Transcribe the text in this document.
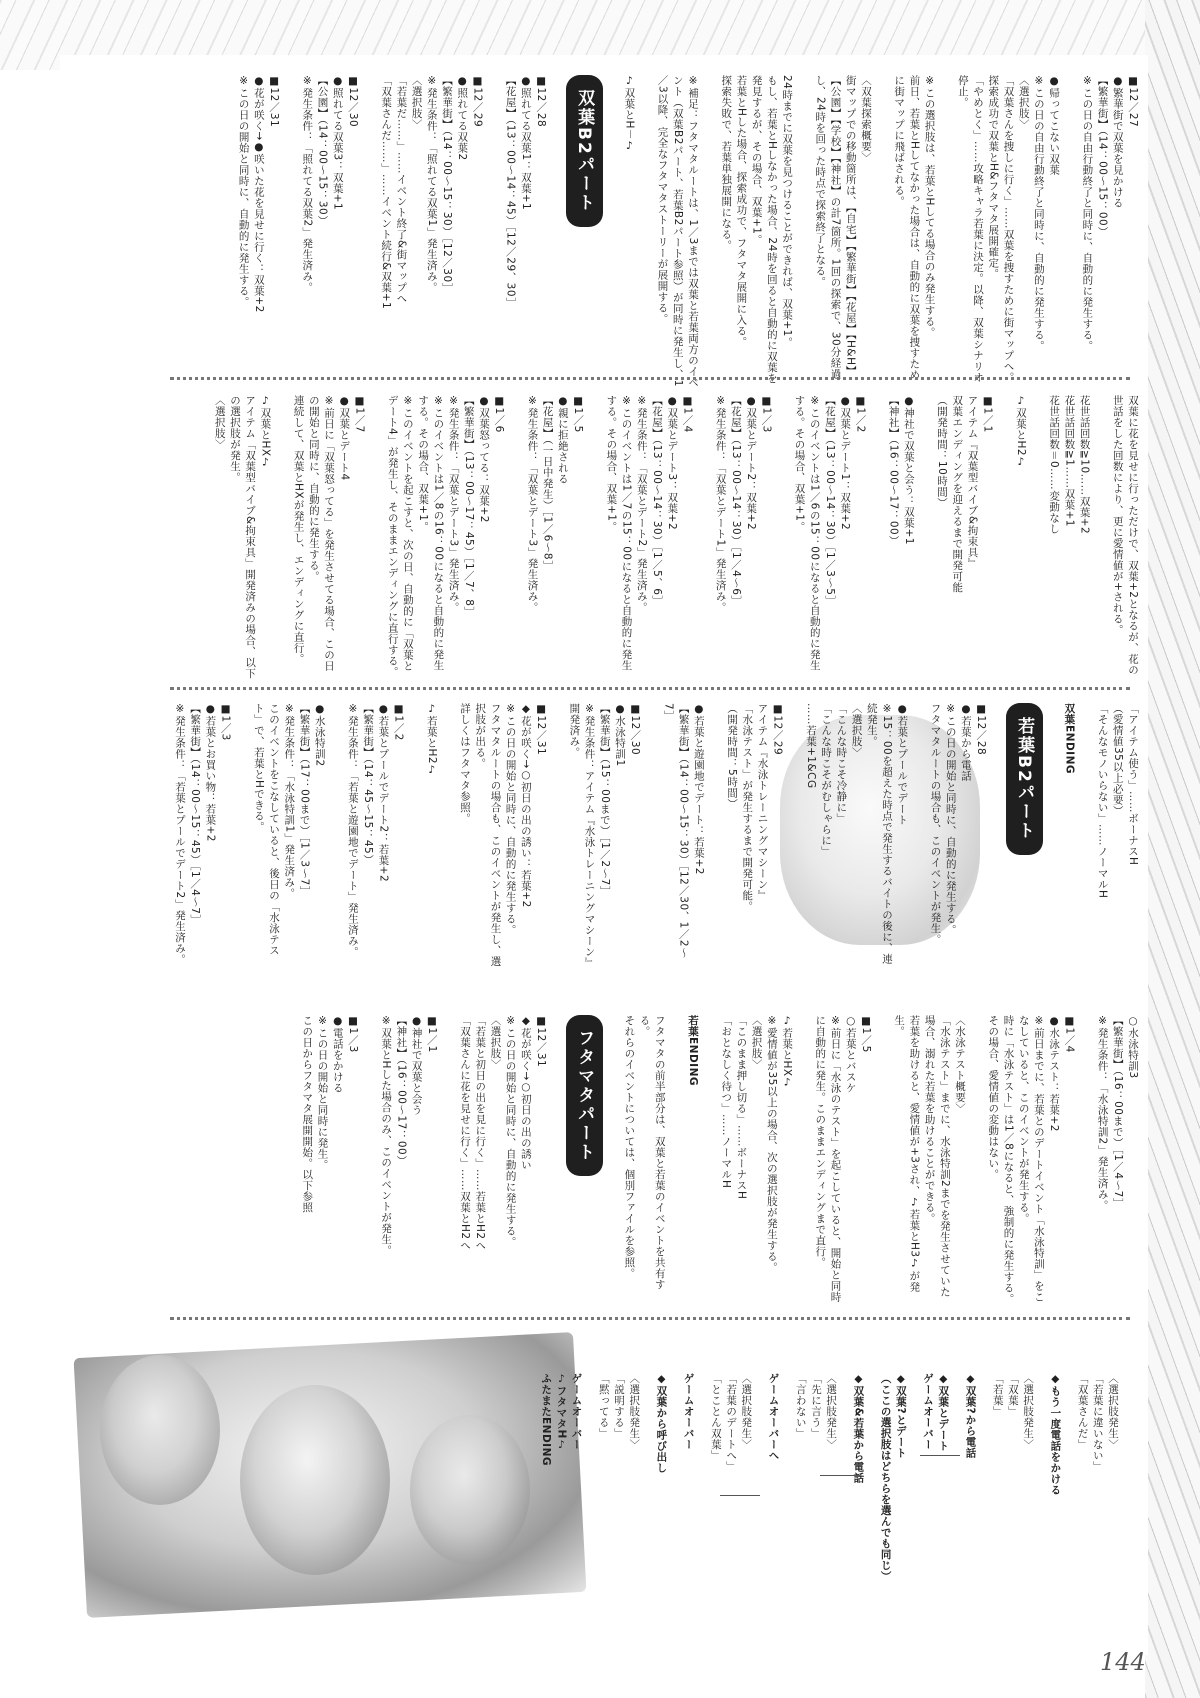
■12／27
●繁華街で双葉を見かける
【繁華街】（14：00～15：00）
※この日の自由行動終了と同時に、自動的に発生する。
●帰ってこない双葉
※この日の自由行動終了と同時に、自動的に発生する。
〈選択肢〉
「双葉さんを捜しに行く」……双葉を捜すために街マップへ。探索成功で双葉とH&フタマタ展開確定。
「やめとく」……攻略キャラ若葉に決定。以降、双葉シナリオ停止。
※この選択肢は、若葉とHしてる場合のみ発生する。
前日、若葉とHしてなかった場合は、自動的に双葉を捜すために街マップに飛ばされる。
〈双葉探索概要〉
街マップでの移動箇所は、【自宅】【繁華街】【花屋】【H&H】【公園】【学校】【神社】の計7箇所。1回の探索で、30分経過し、24時を回った時点で探索終了となる。
24時までに双葉を見つけることができれば、双葉+1。
もし、若葉とHしなかった場合、24時を回ると自動的に双葉を発見するが、その場合、双葉+1。
若葉とHした場合、探索成功で、フタマタ展開に入る。
探索失敗で、若葉単独展開になる。
※補足：フタマタルートは、1／3までは双葉と若葉両方のイベント（双葉B2パート、若葉B2パート参照）が同時に発生し、1／3以降、完全なフタマタストーリーが展開する。
♪双葉とH－♪
双葉B2パート
■12／28
●照れてる双葉1：双葉+1
【花屋】（13：00～14：45）［12／29、30］
■12／29
●照れてる双葉2
【繁華街】（14：00～15：30）［12／30］
※発生条件：「照れてる双葉1」発生済み。
〈選択肢〉
「若葉だ……」……イベント終了&街マップへ
「双葉さんだ……」……イベント続行&双葉+1
■12／30
●照れてる双葉3：双葉+1
【公園】（14：00～15：30）
※発生条件：「照れてる双葉2」発生済み。
■12／31
●花が咲く→●咲いた花を見せに行く：双葉+2
※この日の開始と同時に、自動的に発生する。
双葉に花を見せに行っただけで、双葉+2となるが、花の世話をした回数により、更に愛情値が+される。
花世話回数≧10……双葉+2
花世話回数≧1……双葉+1
花世話回数＝0……変動なし
♪双葉とH2♪
■1／1
アイテム『双葉型バイブ&拘束具』
双葉エンディングを迎えるまで開発可能
（開発時間：10時間）
●神社で双葉と会う：双葉+1
【神社】（16：00～17：00）
■1／2
●双葉とデート1：双葉+2
【花屋】（13：00～14：30）［1／3～5］
※このイベントは1／6の15：00になると自動的に発生する。その場合、双葉+1。
■1／3
●双葉とデート2：双葉+2
【花屋】（13：00～14：30）［1／4～6］
※発生条件：「双葉とデート1」発生済み。
■1／4
●双葉とデート3：双葉+2
【花屋】（13：00～14：30）［1／5、6］
※発生条件：「双葉とデート2」発生済み。
※このイベントは1／7の15：00になると自動的に発生する。その場合、双葉+1。
■1／5
●親に拒絶される
【花屋】（一日中発生）［1／6～8］
※発生条件：「双葉とデート3」発生済み。
■1／6
●双葉怒ってる：双葉+2
【繁華街】（13：00～17：45）［1／7、8］
※発生条件：「双葉とデート3」発生済み。
※このイベントは1／8の16：00になると自動的に発生する。その場合、双葉+1。
※このイベントを起こすと、次の日、自動的に「双葉とデート4」が発生し、そのままエンディングに直行する。
■1／7
●双葉とデート4
※前日に「双葉怒ってる」を発生させてる場合、この日の開始と同時に、自動的に発生する。
連続して、双葉とHXが発生し、エンディングに直行。
♪双葉とHX♪
アイテム「双葉型バイブ&拘束具」開発済みの場合、以下の選択肢が発生。
〈選択肢〉
「アイテム使う」……ボーナスH
（愛情値35以上必要）
「そんなモノいらない」……ノーマルH
双葉ENDING
若葉B2パート
■12／28
●若葉から電話
※この日の開始と同時に、自動的に発生する。
フタマタルートの場合も、このイベントが発生。
●若葉とプールでデート
※15：00を超えた時点で発生するバイトの後に、連続発生。
〈選択肢〉
「こんな時こそ冷静に」
「こんな時こそがむしゃらに」
……若葉+1&CG
■12／29
アイテム『水泳トレーニングマシーン』
「水泳テスト」が発生するまで開発可能。
（開発時間：5時間）
●若葉と遊園地でデート：若葉+2
【繁華街】（14：00～15：30）［12／30、1／2～7］
■12／30
●水泳特訓1
【繁華街】（15：00まで）［1／2～7］
※発生条件：アイテム『水泳トレーニングマシーン』開発済み。
■12／31
◆花が咲く→○初日の出の誘い：若葉+2
※この日の開始と同時に、自動的に発生する。
フタマタルートの場合も、このイベントが発生し、選択肢が出る。
詳しくはフタマタ参照。
♪若葉とH2♪
■1／2
●若葉とプールでデート2：若葉+2
【繁華街】（14：45～15：45）
※発生条件：「若葉と遊園地でデート」発生済み。
●水泳特訓2
【繁華街】（17：00まで）［1／3～7］
※発生条件：「水泳特訓1」発生済み。
このイベントをこなしていると、後日の「水泳テスト」で、若葉とHできる。
■1／3
●若葉とお買い物：若葉+2
【繁華街】（14：00～15：45）［1／4～7］
※発生条件：「若葉とプールでデート2」発生済み。
○水泳特訓3
【繁華街】（16：00まで）［1／4～7］
※発生条件：「水泳特訓2」発生済み。
■1／4
●水泳テスト：若葉+2
※前日までに、若葉とのデートイベント「水泳特訓」をこなしていると、このイベントが発生する。
時に「水泳テスト」は1／8になると、強制的に発生する。
その場合、愛情値の変動はない。
〈水泳テスト概要〉
「水泳テスト」までに、水泳特訓2までを発生させていた場合、溺れた若葉を助けることができる。
若葉を助けると、愛情値が+3され、♪若葉とH3♪が発生。
■1／5
○若葉とバスケ
※前日に「水泳のテスト」を起こしていると、開始と同時に自動的に発生。このままエンディングまで直行。
♪若葉とHX♪
※愛情値が35以上の場合、次の選択肢が発生する。
〈選択肢〉
「このまま押し切る」……ボーナスH
「おとなしく待つ」……ノーマルH
若葉ENDING
フタマタの前半部分は、双葉と若葉のイベントを共有する。
それらのイベントについては、個別ファイルを参照。
フタマタパート
■12／31
◆花が咲く→○初日の出の誘い
※この日の開始と同時に、自動的に発生する。
〈選択肢〉
「若葉と初日の出を見に行く」……若葉とH2へ
「双葉さんに花を見せに行く」……双葉とH2へ
■1／1
●神社で双葉と会う
【神社】（16：00～17：00）
※双葉とHした場合のみ、このイベントが発生。
■1／3
●電話をかける
※この日の開始と同時に発生。
この日からフタマタ展開開始。以下参照
〈選択肢発生〉
「若葉に違いない」
「双葉さんだ」
◆もう一度電話をかける
〈選択肢発生〉
「双葉」
「若葉」
◆双葉?から電話
◆双葉とデート
ゲームオーバー
◆双葉?とデート
（ここの選択肢はどちらを選んでも同じ）
◆双葉&若葉から電話
〈選択肢発生〉
「先に言う」
「言わない」
ゲームオーバーへ
〈選択肢発生〉
「若葉のデートへ」
「とことん双葉」
ゲームオーバー
◆双葉から呼び出し
〈選択肢発生〉
「説明する」
「黙ってる」
ゲームオーバー
♪フタマタH♪
ふたまたENDING
144
